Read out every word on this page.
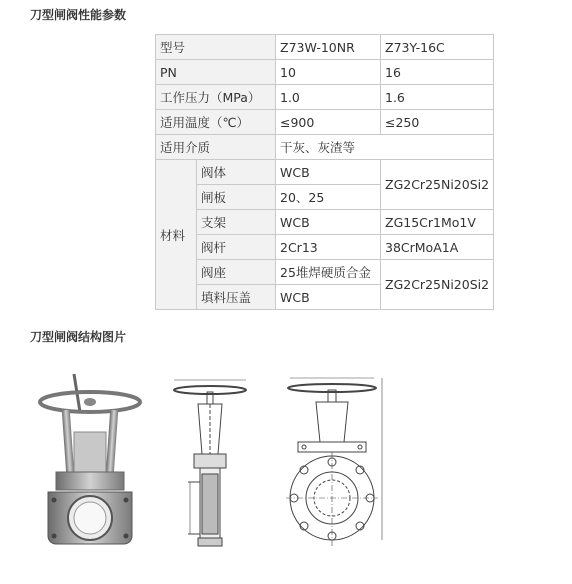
刀型闸阀性能参数
型号		Z73W-10NR	Z73Y-16C
PN		10	16
工作压力（MPa）		1.0	1.6
适用温度（℃）		≤900	≤250
适用介质		干灰、灰渣等	
材料	阀体	WCB	ZG2Cr25Ni20Si2
	闸板	20、25	
	支架	WCB	ZG15Cr1Mo1V
	阀杆	2Cr13	38CrMoA1A
	阀座	25堆焊硬质合金	ZG2Cr25Ni20Si2
	填料压盖	WCB	
刀型闸阀结构图片
